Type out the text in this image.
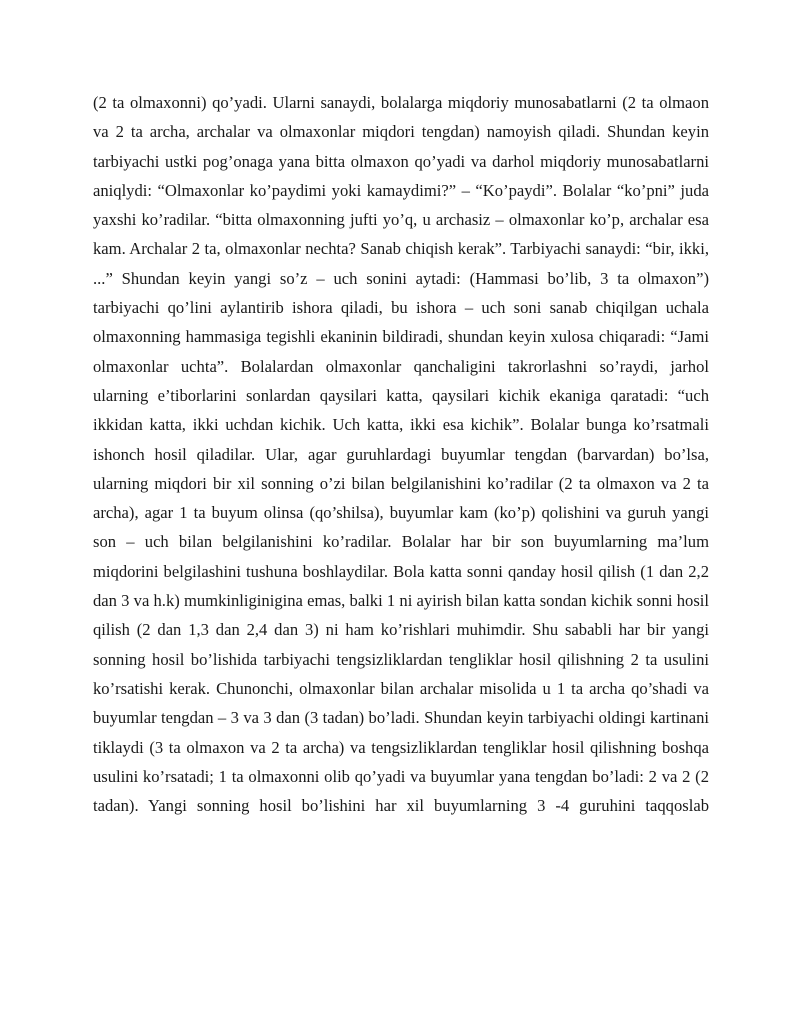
(2 ta olmaxonni) qo’yadi. Ularni sanaydi, bolalarga miqdoriy munosabatlarni (2 ta olmaon va 2 ta archa, archalar va olmaxonlar miqdori tengdan) namoyish qiladi. Shundan keyin tarbiyachi ustki pog’onaga yana bitta olmaxon qo’yadi va darhol miqdoriy munosabatlarni aniqlydi: “Olmaxonlar ko’paydimi yoki kamaydimi?” – “Ko’paydi”. Bolalar “ko’pni” juda yaxshi ko’radilar. “bitta olmaxonning jufti yo’q, u archasiz – olmaxonlar ko’p, archalar esa kam. Archalar 2 ta, olmaxonlar nechta? Sanab chiqish kerak”. Tarbiyachi sanaydi: “bir, ikki, ...” Shundan keyin yangi so’z – uch sonini aytadi: (Hammasi bo’lib, 3 ta olmaxon”) tarbiyachi qo’lini aylantirib ishora qiladi, bu ishora – uch soni sanab chiqilgan uchala olmaxonning hammasiga tegishli ekaninin bildiradi, shundan keyin xulosa chiqaradi: “Jami olmaxonlar uchta”. Bolalardan olmaxonlar qanchaligini takrorlashni so’raydi, jarhol ularning e’tiborlarini sonlardan qaysilari katta, qaysilari kichik ekaniga qaratadi: “uch ikkidan katta, ikki uchdan kichik. Uch katta, ikki esa kichik”. Bolalar bunga ko’rsatmali ishonch hosil qiladilar. Ular, agar guruhlardagi buyumlar tengdan (barvardan) bo’lsa, ularning miqdori bir xil sonning o’zi bilan belgilanishini ko’radilar (2 ta olmaxon va 2 ta archa), agar 1 ta buyum olinsa (qo’shilsa), buyumlar kam (ko’p) qolishini va guruh yangi son – uch bilan belgilanishini ko’radilar. Bolalar har bir son buyumlarning ma’lum miqdorini belgilashini tushuna boshlaydilar. Bola katta sonni qanday hosil qilish (1 dan 2,2 dan 3 va h.k) mumkinliginigina emas, balki 1 ni ayirish bilan katta sondan kichik sonni hosil qilish (2 dan 1,3 dan 2,4 dan 3) ni ham ko’rishlari muhimdir. Shu sababli har bir yangi sonning hosil bo’lishida tarbiyachi tengsizliklardan tengliklar hosil qilishning 2 ta usulini ko’rsatishi kerak. Chunonchi, olmaxonlar bilan archalar misolida u 1 ta archa qo’shadi va buyumlar tengdan – 3 va 3 dan (3 tadan) bo’ladi. Shundan keyin tarbiyachi oldingi kartinani tiklaydi (3 ta olmaxon va 2 ta archa) va tengsizliklardan tengliklar hosil qilishning boshqa usulini ko’rsatadi; 1 ta olmaxonni olib qo’yadi va buyumlar yana tengdan bo’ladi: 2 va 2 (2 tadan). Yangi sonning hosil bo’lishini har xil buyumlarning 3 -4 guruhini taqqoslab
